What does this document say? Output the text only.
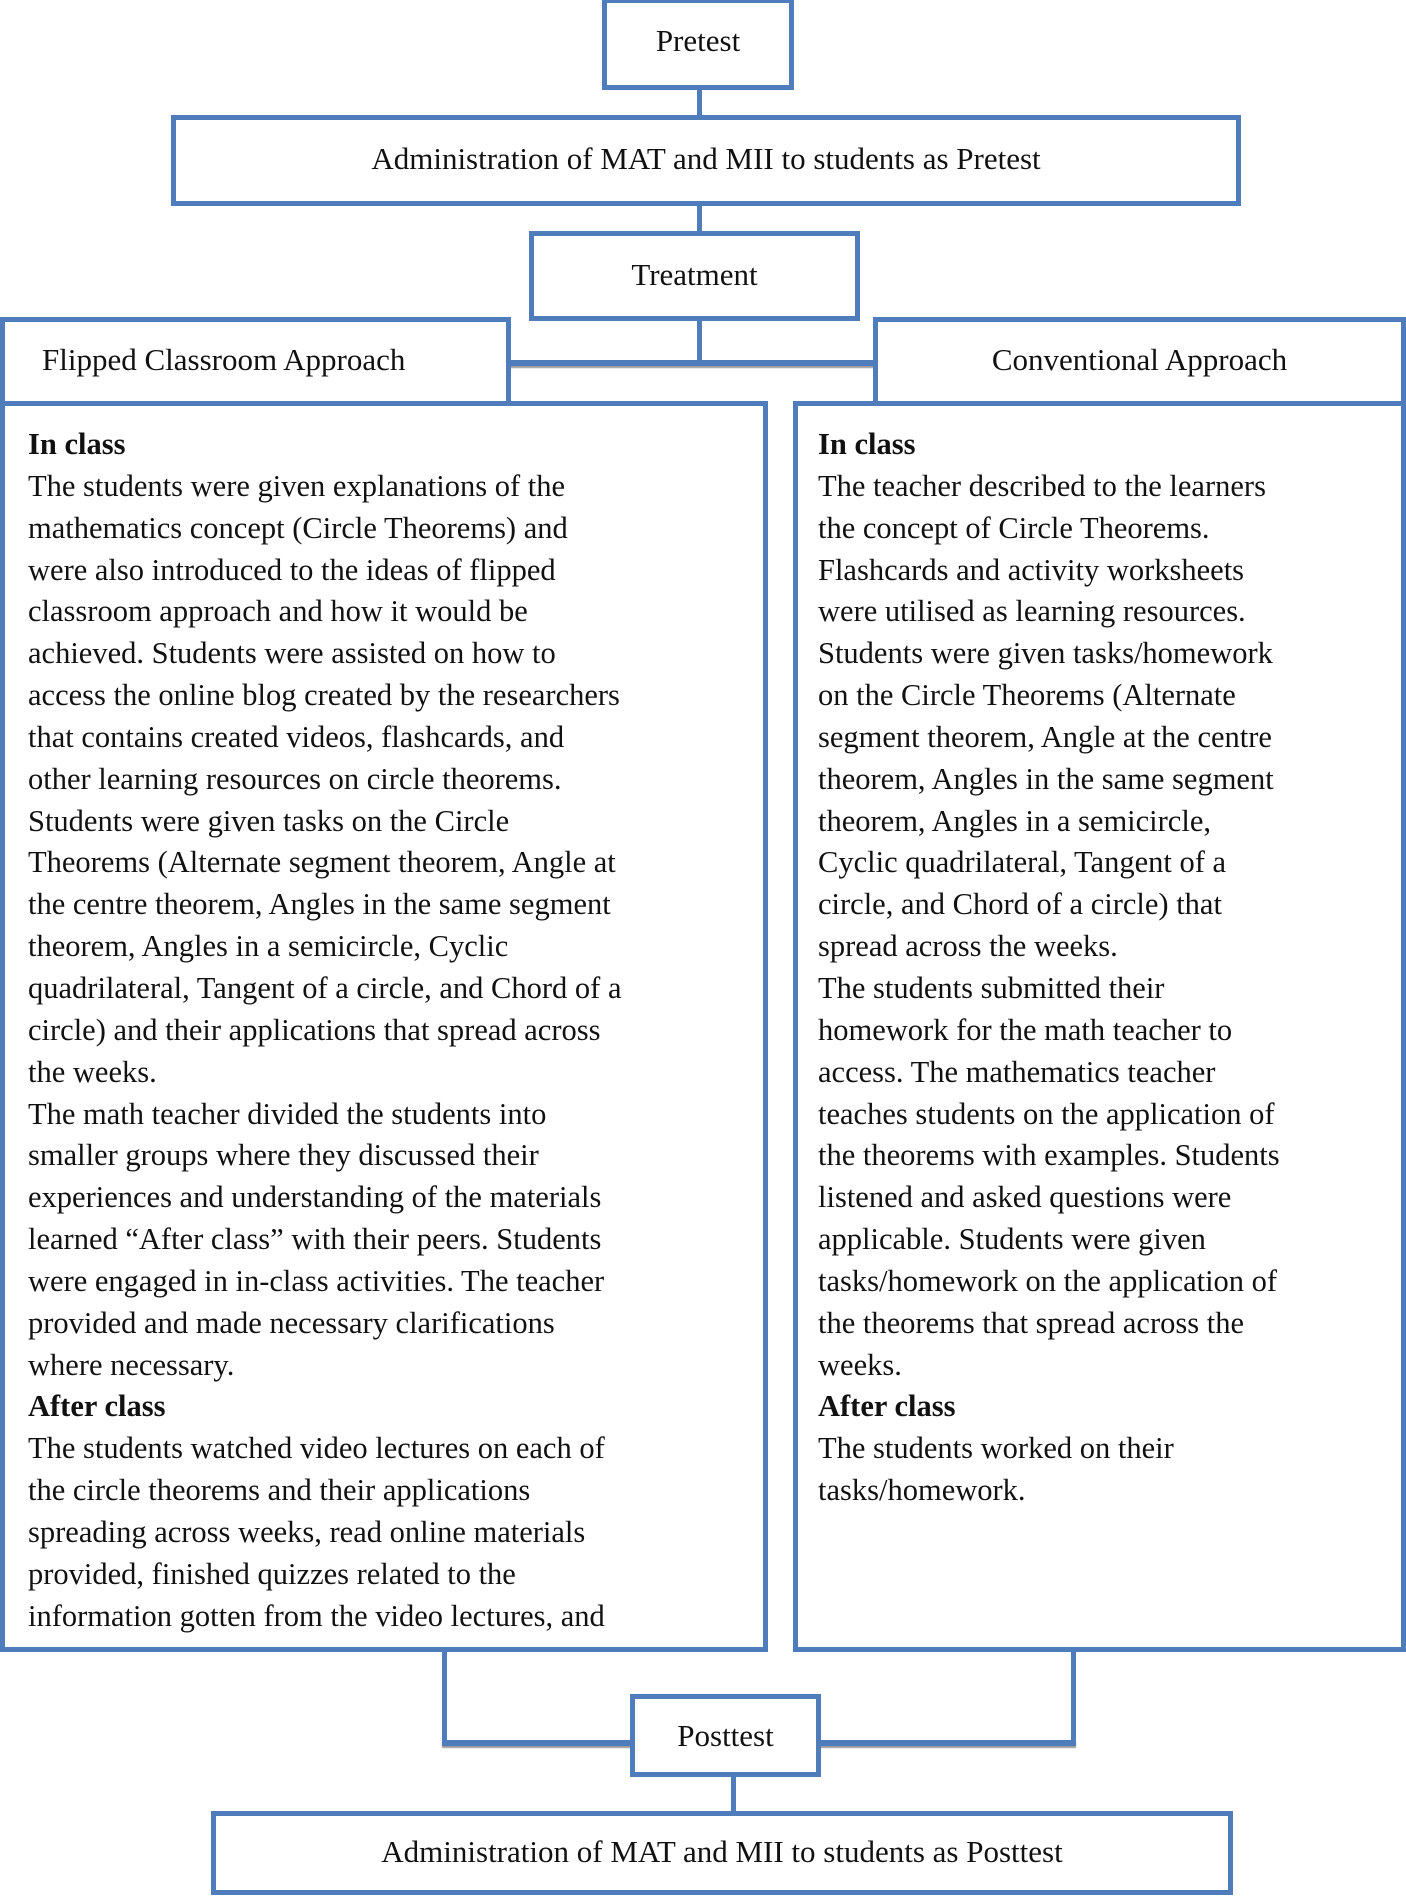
Pretest
Administration of MAT and MII to students as Pretest
Treatment
Flipped Classroom Approach	Conventional Approach
In class
The students were given explanations of the
mathematics concept (Circle Theorems) and
were also introduced to the ideas of flipped
classroom approach and how it would be
achieved. Students were assisted on how to
access the online blog created by the researchers
that contains created videos, flashcards, and
other learning resources on circle theorems.
Students were given tasks on the Circle
Theorems (Alternate segment theorem, Angle at
the centre theorem, Angles in the same segment
theorem, Angles in a semicircle, Cyclic
quadrilateral, Tangent of a circle, and Chord of a
circle) and their applications that spread across
the weeks.
The math teacher divided the students into
smaller groups where they discussed their
experiences and understanding of the materials
learned “After class” with their peers. Students
were engaged in in-class activities. The teacher
provided and made necessary clarifications
where necessary.
After class
The students watched video lectures on each of
the circle theorems and their applications
spreading across weeks, read online materials
provided, finished quizzes related to the
information gotten from the video lectures, and
In class
The teacher described to the learners
the concept of Circle Theorems.
Flashcards and activity worksheets
were utilised as learning resources.
Students were given tasks/homework
on the Circle Theorems (Alternate
segment theorem, Angle at the centre
theorem, Angles in the same segment
theorem, Angles in a semicircle,
Cyclic quadrilateral, Tangent of a
circle, and Chord of a circle) that
spread across the weeks.
The students submitted their
homework for the math teacher to
access. The mathematics teacher
teaches students on the application of
the theorems with examples. Students
listened and asked questions were
applicable. Students were given
tasks/homework on the application of
the theorems that spread across the
weeks.
After class
The students worked on their
tasks/homework.
Posttest
Administration of MAT and MII to students as Posttest
